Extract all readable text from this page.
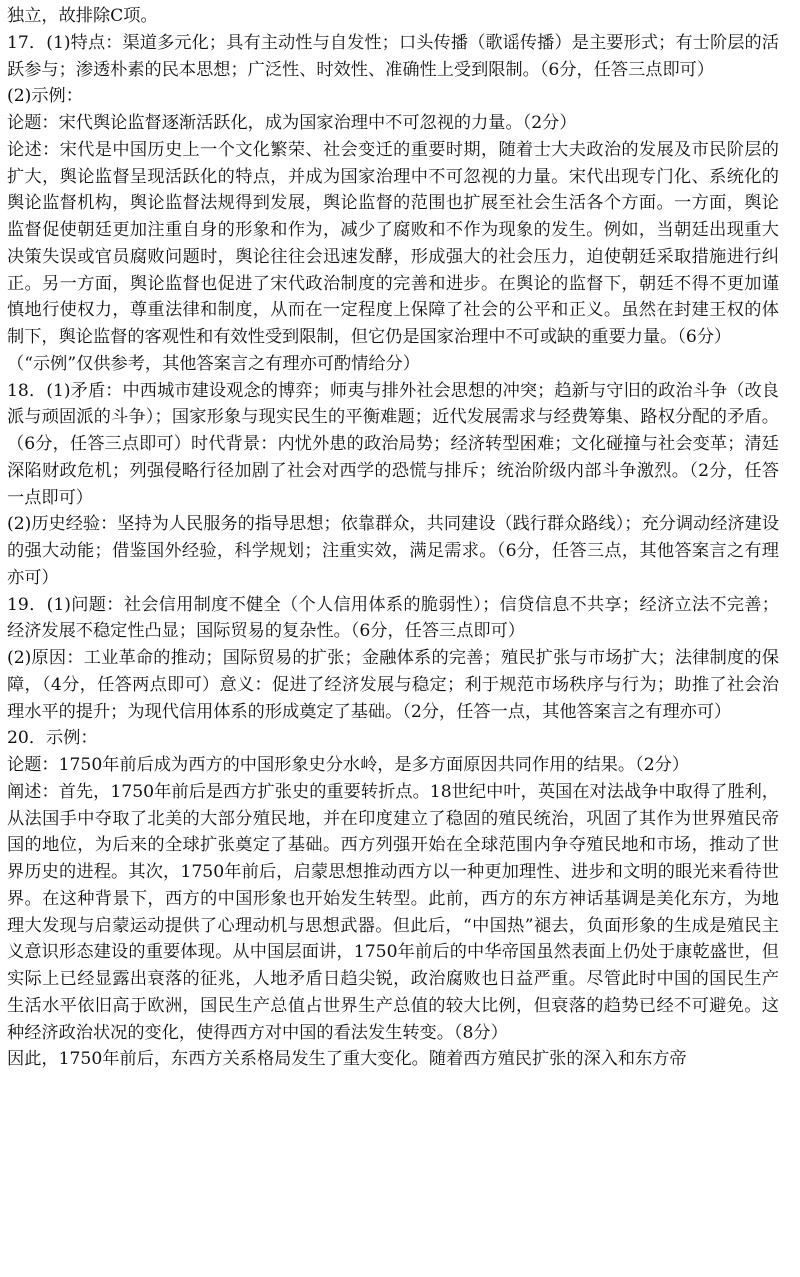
独立，故排除C项。

17．(1)特点：渠道多元化；具有主动性与自发性；口头传播（歌谣传播）是主要形式；有士阶层的活跃参与；渗透朴素的民本思想；广泛性、时效性、准确性上受到限制。（6分，任答三点即可）

(2)示例：

论题：宋代舆论监督逐渐活跃化，成为国家治理中不可忽视的力量。（2分）

论述：宋代是中国历史上一个文化繁荣、社会变迁的重要时期，随着士大夫政治的发展及市民阶层的扩大，舆论监督呈现活跃化的特点，并成为国家治理中不可忽视的力量。宋代出现专门化、系统化的舆论监督机构，舆论监督法规得到发展，舆论监督的范围也扩展至社会生活各个方面。一方面，舆论监督促使朝廷更加注重自身的形象和作为，减少了腐败和不作为现象的发生。例如，当朝廷出现重大决策失误或官员腐败问题时，舆论往往会迅速发酵，形成强大的社会压力，迫使朝廷采取措施进行纠正。另一方面，舆论监督也促进了宋代政治制度的完善和进步。在舆论的监督下，朝廷不得不更加谨慎地行使权力，尊重法律和制度，从而在一定程度上保障了社会的公平和正义。虽然在封建王权的体制下，舆论监督的客观性和有效性受到限制，但它仍是国家治理中不可或缺的重要力量。（6分）

（“示例”仅供参考，其他答案言之有理亦可酌情给分）

18．(1)矛盾：中西城市建设观念的博弈；师夷与排外社会思想的冲突；趋新与守旧的政治斗争（改良派与顽固派的斗争）；国家形象与现实民生的平衡难题；近代发展需求与经费筹集、路权分配的矛盾。（6分，任答三点即可）时代背景：内忧外患的政治局势；经济转型困难；文化碰撞与社会变革；清廷深陷财政危机；列强侵略行径加剧了社会对西学的恐慌与排斥；统治阶级内部斗争激烈。（2分，任答一点即可）

(2)历史经验：坚持为人民服务的指导思想；依靠群众，共同建设（践行群众路线）；充分调动经济建设的强大动能；借鉴国外经验，科学规划；注重实效，满足需求。（6分，任答三点，其他答案言之有理亦可）

19．(1)问题：社会信用制度不健全（个人信用体系的脆弱性）；信贷信息不共享；经济立法不完善；经济发展不稳定性凸显；国际贸易的复杂性。（6分，任答三点即可）

(2)原因：工业革命的推动；国际贸易的扩张；金融体系的完善；殖民扩张与市场扩大；法律制度的保障，（4分，任答两点即可）意义：促进了经济发展与稳定；利于规范市场秩序与行为；助推了社会治理水平的提升；为现代信用体系的形成奠定了基础。（2分，任答一点，其他答案言之有理亦可）

20．示例：

论题：1750年前后成为西方的中国形象史分水岭，是多方面原因共同作用的结果。（2分）

阐述：首先，1750年前后是西方扩张史的重要转折点。18世纪中叶，英国在对法战争中取得了胜利，从法国手中夺取了北美的大部分殖民地，并在印度建立了稳固的殖民统治，巩固了其作为世界殖民帝国的地位，为后来的全球扩张奠定了基础。西方列强开始在全球范围内争夺殖民地和市场，推动了世界历史的进程。其次，1750年前后，启蒙思想推动西方以一种更加理性、进步和文明的眼光来看待世界。在这种背景下，西方的中国形象也开始发生转型。此前，西方的东方神话基调是美化东方，为地理大发现与启蒙运动提供了心理动机与思想武器。但此后，“中国热”褪去，负面形象的生成是殖民主义意识形态建设的重要体现。从中国层面讲，1750年前后的中华帝国虽然表面上仍处于康乾盛世，但实际上已经显露出衰落的征兆，人地矛盾日趋尖锐，政治腐败也日益严重。尽管此时中国的国民生产生活水平依旧高于欧洲，国民生产总值占世界生产总值的较大比例，但衰落的趋势已经不可避免。这种经济政治状况的变化，使得西方对中国的看法发生转变。（8分）

因此，1750年前后，东西方关系格局发生了重大变化。随着西方殖民扩张的深入和东方帝
